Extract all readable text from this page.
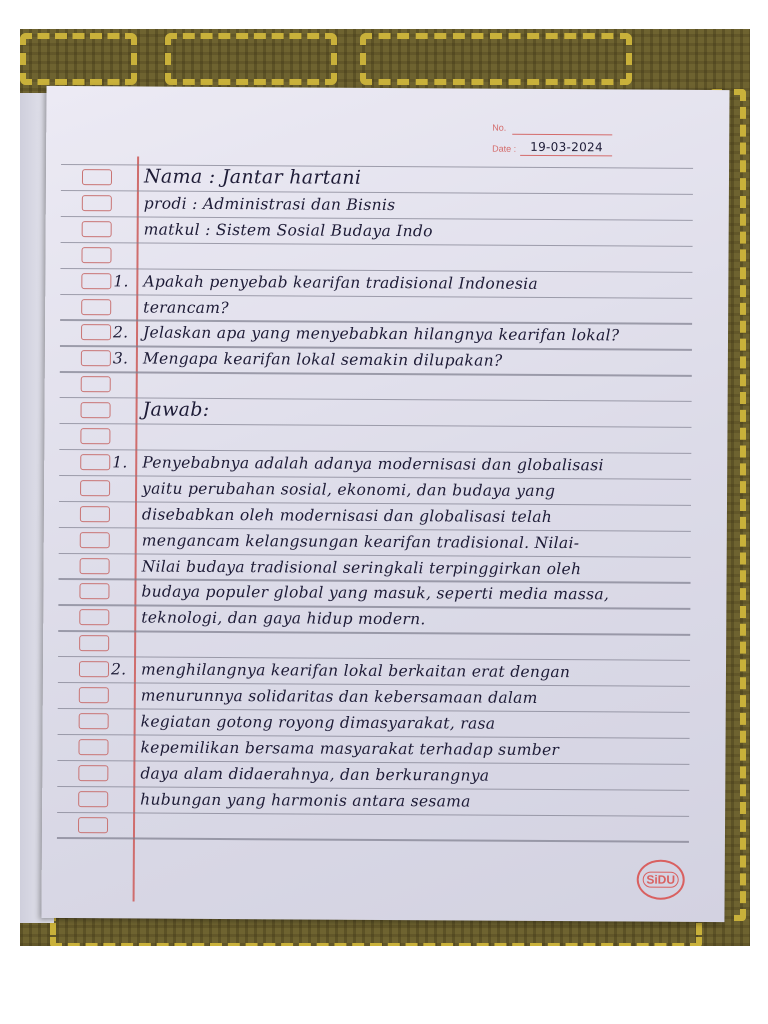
No.
Date : 19-03-2024
Nama : Jantar hartani
prodi : Administrasi dan Bisnis
matkul : Sistem Sosial Budaya Indo
1. Apakah penyebab kearifan tradisional Indonesia
terancam?
2. Jelaskan apa yang menyebabkan hilangnya kearifan lokal?
3. Mengapa kearifan lokal semakin dilupakan?
Jawab:
1. Penyebabnya adalah adanya modernisasi dan globalisasi
yaitu perubahan sosial, ekonomi, dan budaya yang
disebabkan oleh modernisasi dan globalisasi telah
mengancam kelangsungan kearifan tradisional. Nilai-
Nilai budaya tradisional seringkali terpinggirkan oleh
budaya populer global yang masuk, seperti media massa,
teknologi, dan gaya hidup modern.
2. menghilangnya kearifan lokal berkaitan erat dengan
menurunnya solidaritas dan kebersamaan dalam
kegiatan gotong royong dimasyarakat, rasa
kepemilikan bersama masyarakat terhadap sumber
daya alam didaerahnya, dan berkurangnya
hubungan yang harmonis antara sesama
SiDU
